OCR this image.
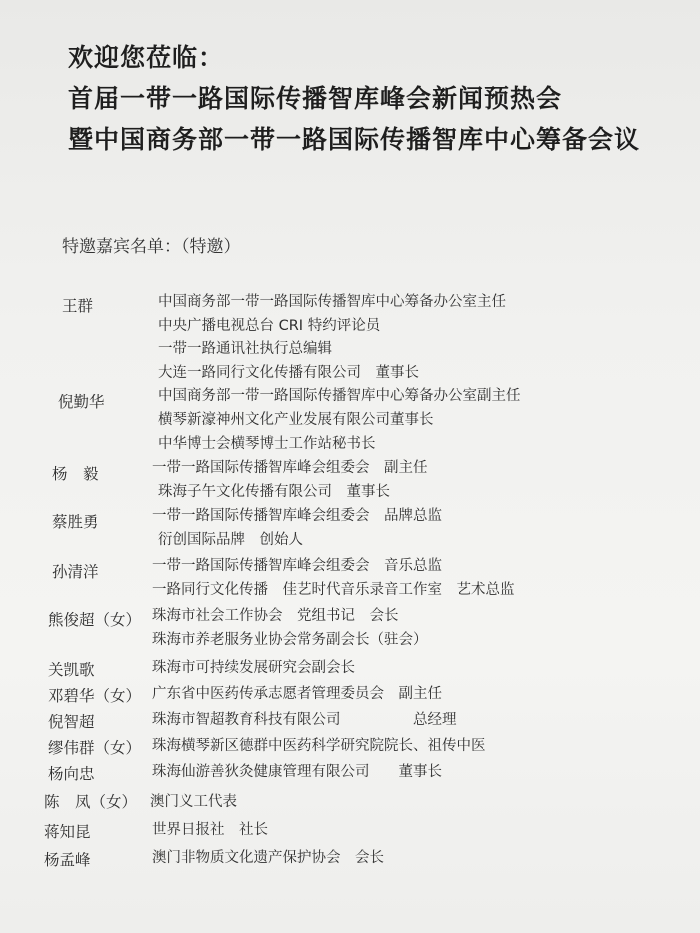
欢迎您莅临：
首届一带一路国际传播智库峰会新闻预热会
暨中国商务部一带一路国际传播智库中心筹备会议
特邀嘉宾名单：（特邀）
王群	中国商务部一带一路国际传播智库中心筹备办公室主任
中央广播电视总台 CRI 特约评论员
一带一路通讯社执行总编辑
大连一路同行文化传播有限公司　董事长
倪勤华	中国商务部一带一路国际传播智库中心筹备办公室副主任
横琴新濠神州文化产业发展有限公司董事长
中华博士会横琴博士工作站秘书长
杨　毅	一带一路国际传播智库峰会组委会　副主任
珠海子午文化传播有限公司　董事长
蔡胜勇	一带一路国际传播智库峰会组委会　品牌总监
衍创国际品牌　创始人
孙清洋	一带一路国际传播智库峰会组委会　音乐总监
一路同行文化传播　佳艺时代音乐录音工作室　艺术总监
熊俊超（女） 珠海市社会工作协会　党组书记　会长
珠海市养老服务业协会常务副会长（驻会）
关凯歌	珠海市可持续发展研究会副会长
邓碧华（女） 广东省中医药传承志愿者管理委员会　副主任
倪智超	珠海市智超教育科技有限公司　　　　　总经理
缪伟群（女） 珠海横琴新区德群中医药科学研究院院长、祖传中医
杨向忠	珠海仙游善狄灸健康管理有限公司　　董事长
陈　凤（女） 澳门义工代表
蒋知昆	世界日报社　社长
杨孟峰	澳门非物质文化遗产保护协会　会长
